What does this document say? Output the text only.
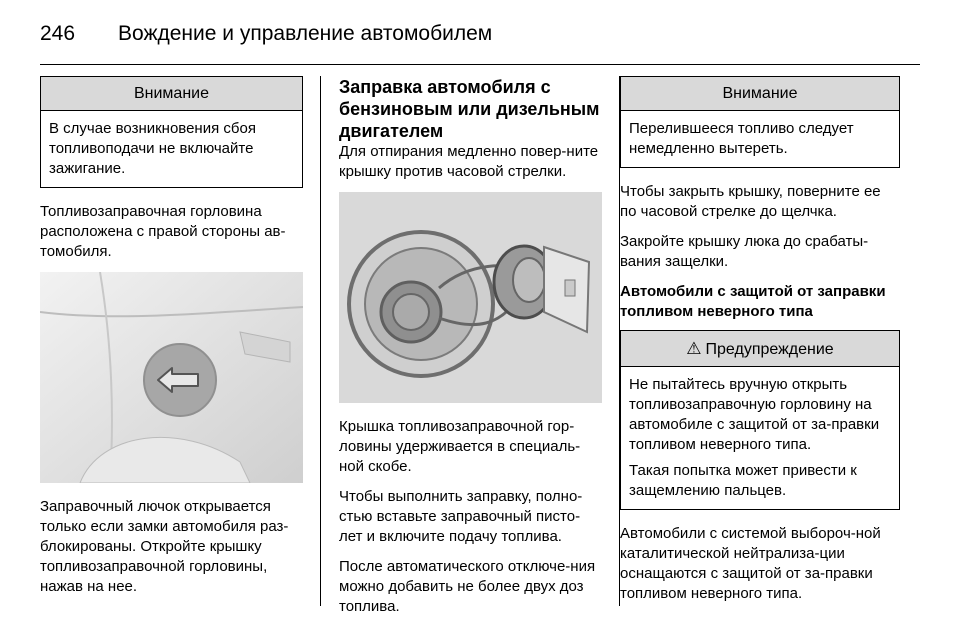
246 Вождение и управление автомобилем
Внимание

В случае возникновения сбоя топливоподачи не включайте зажигание.

Топливозаправочная горловина расположена с правой стороны ав-томобиля.

Заправочный лючок открывается только если замки автомобиля раз-блокированы. Откройте крышку топливозаправочной горловины, нажав на нее.

Заправка автомобиля с бензиновым или дизельным двигателем

Для отпирания медленно повер-ните крышку против часовой стрелки.

Крышка топливозаправочной гор-ловины удерживается в специаль-ной скобе.

Чтобы выполнить заправку, полно-стью вставьте заправочный писто-лет и включите подачу топлива.

После автоматического отключе-ния можно добавить не более двух доз топлива.

Внимание

Перелившееся топливо следует немедленно вытереть.

Чтобы закрыть крышку, поверните ее по часовой стрелке до щелчка.

Закройте крышку люка до срабаты-вания защелки.

Автомобили с защитой от заправки топливом неверного типа

⚠ Предупреждение

Не пытайтесь вручную открыть топливозаправочную горловину на автомобиле с защитой от за-правки топливом неверного типа.

Такая попытка может привести к защемлению пальцев.

Автомобили с системой выбороч-ной каталитической нейтрализа-ции оснащаются с защитой от за-правки топливом неверного типа.
